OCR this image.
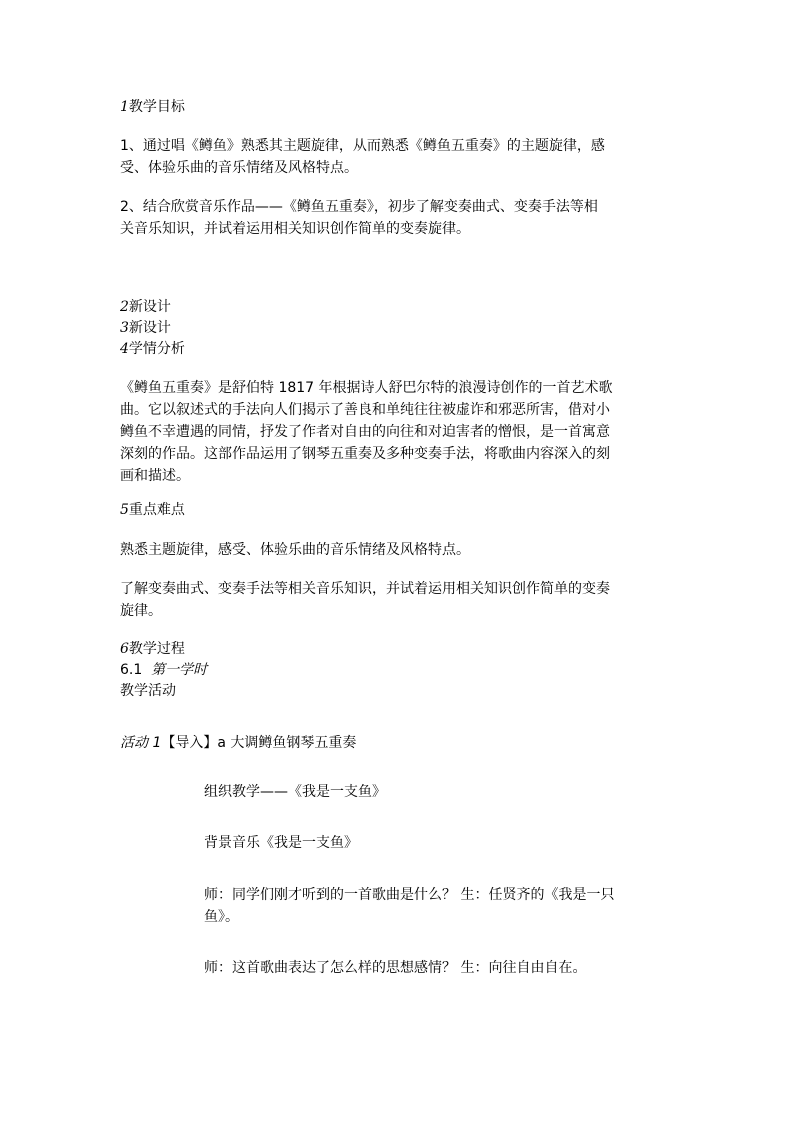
1教学目标
1、通过唱《鳟鱼》熟悉其主题旋律，从而熟悉《鳟鱼五重奏》的主题旋律，感
受、体验乐曲的音乐情绪及风格特点。
2、结合欣赏音乐作品——《鳟鱼五重奏》，初步了解变奏曲式、变奏手法等相
关音乐知识，并试着运用相关知识创作简单的变奏旋律。
2新设计
3新设计
4学情分析
《鳟鱼五重奏》是舒伯特 1817 年根据诗人舒巴尔特的浪漫诗创作的一首艺术歌
曲。它以叙述式的手法向人们揭示了善良和单纯往往被虚诈和邪恶所害，借对小
鳟鱼不幸遭遇的同情，抒发了作者对自由的向往和对迫害者的憎恨，是一首寓意
深刻的作品。这部作品运用了钢琴五重奏及多种变奏手法，将歌曲内容深入的刻
画和描述。
5重点难点
熟悉主题旋律，感受、体验乐曲的音乐情绪及风格特点。
了解变奏曲式、变奏手法等相关音乐知识，并试着运用相关知识创作简单的变奏
旋律。
6教学过程
6.1 第一学时
教学活动
活动 1【导入】a 大调鳟鱼钢琴五重奏
组织教学——《我是一支鱼》
背景音乐《我是一支鱼》
师：同学们刚才听到的一首歌曲是什么？ 生：任贤齐的《我是一只
鱼》。
师：这首歌曲表达了怎么样的思想感情？ 生：向往自由自在。
